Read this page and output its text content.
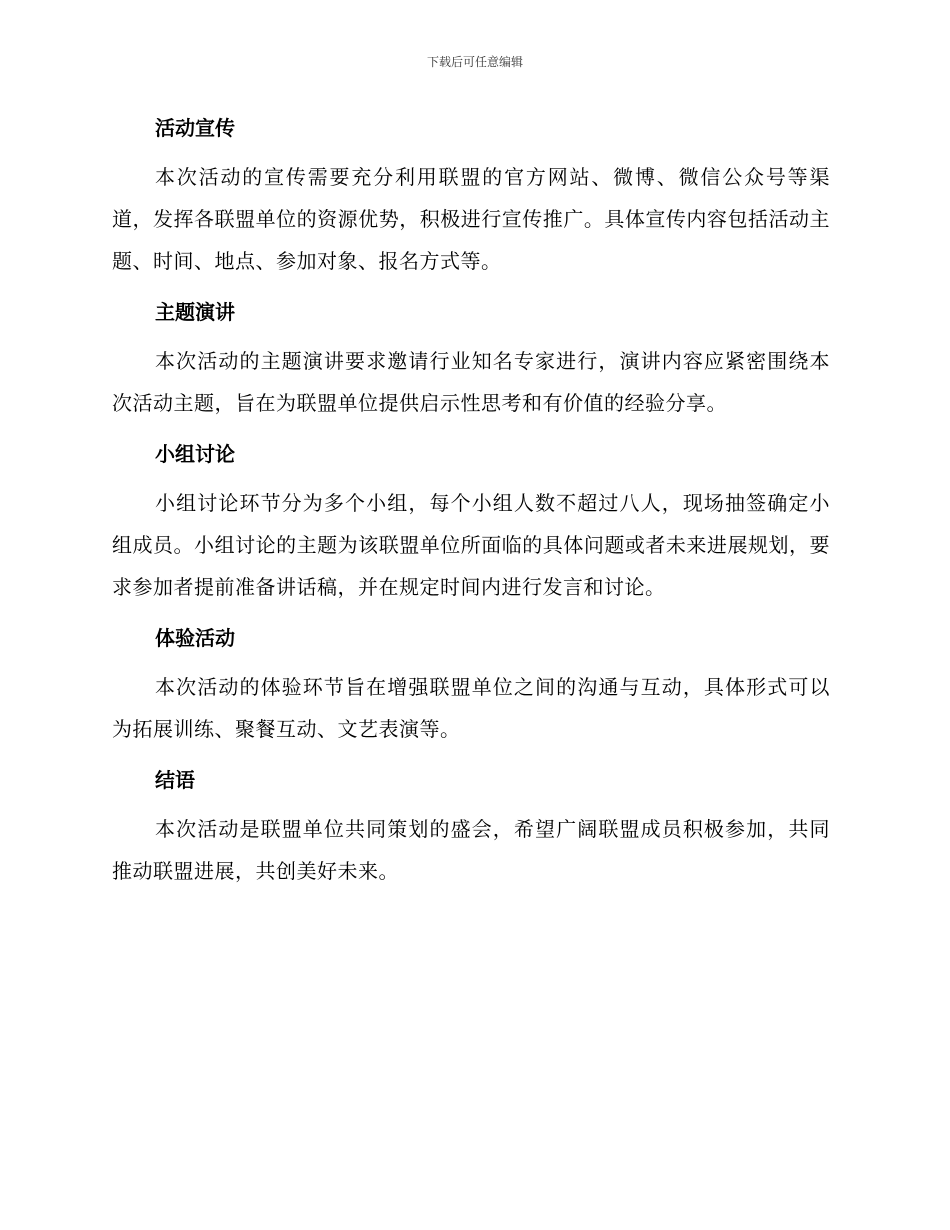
下载后可任意编辑
活动宣传

本次活动的宣传需要充分利用联盟的官方网站、微博、微信公众号等渠道，发挥各联盟单位的资源优势，积极进行宣传推广。具体宣传内容包括活动主题、时间、地点、参加对象、报名方式等。

主题演讲

本次活动的主题演讲要求邀请行业知名专家进行，演讲内容应紧密围绕本次活动主题，旨在为联盟单位提供启示性思考和有价值的经验分享。

小组讨论

小组讨论环节分为多个小组，每个小组人数不超过八人，现场抽签确定小组成员。小组讨论的主题为该联盟单位所面临的具体问题或者未来进展规划，要求参加者提前准备讲话稿，并在规定时间内进行发言和讨论。

体验活动

本次活动的体验环节旨在增强联盟单位之间的沟通与互动，具体形式可以为拓展训练、聚餐互动、文艺表演等。

结语

本次活动是联盟单位共同策划的盛会，希望广阔联盟成员积极参加，共同推动联盟进展，共创美好未来。
